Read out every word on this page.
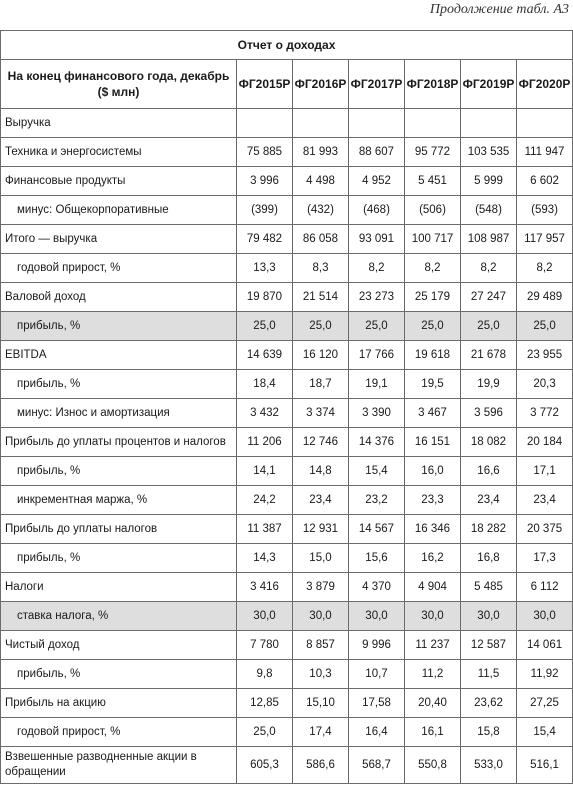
Продолжение табл. А3
Отчет о доходах						
На конец финансового года, декабрь ($ млн)	ФГ2015Р	ФГ2016Р	ФГ2017Р	ФГ2018Р	ФГ2019Р	ФГ2020Р
Выручка						
Техника и энергосистемы	75 885	81 993	88 607	95 772	103 535	111 947
Финансовые продукты	3 996	4 498	4 952	5 451	5 999	6 602
минус: Общекорпоративные	(399)	(432)	(468)	(506)	(548)	(593)
Итого — выручка	79 482	86 058	93 091	100 717	108 987	117 957
годовой прирост, %	13,3	8,3	8,2	8,2	8,2	8,2
Валовой доход	19 870	21 514	23 273	25 179	27 247	29 489
прибыль, %	25,0	25,0	25,0	25,0	25,0	25,0
EBITDA	14 639	16 120	17 766	19 618	21 678	23 955
прибыль, %	18,4	18,7	19,1	19,5	19,9	20,3
минус: Износ и амортизация	3 432	3 374	3 390	3 467	3 596	3 772
Прибыль до уплаты процентов и налогов	11 206	12 746	14 376	16 151	18 082	20 184
прибыль, %	14,1	14,8	15,4	16,0	16,6	17,1
инкрементная маржа, %	24,2	23,4	23,2	23,3	23,4	23,4
Прибыль до уплаты налогов	11 387	12 931	14 567	16 346	18 282	20 375
прибыль, %	14,3	15,0	15,6	16,2	16,8	17,3
Налоги	3 416	3 879	4 370	4 904	5 485	6 112
ставка налога, %	30,0	30,0	30,0	30,0	30,0	30,0
Чистый доход	7 780	8 857	9 996	11 237	12 587	14 061
прибыль, %	9,8	10,3	10,7	11,2	11,5	11,92
Прибыль на акцию	12,85	15,10	17,58	20,40	23,62	27,25
годовой прирост, %	25,0	17,4	16,4	16,1	15,8	15,4
Взвешенные разводненные акции в обращении	605,3	586,6	568,7	550,8	533,0	516,1
